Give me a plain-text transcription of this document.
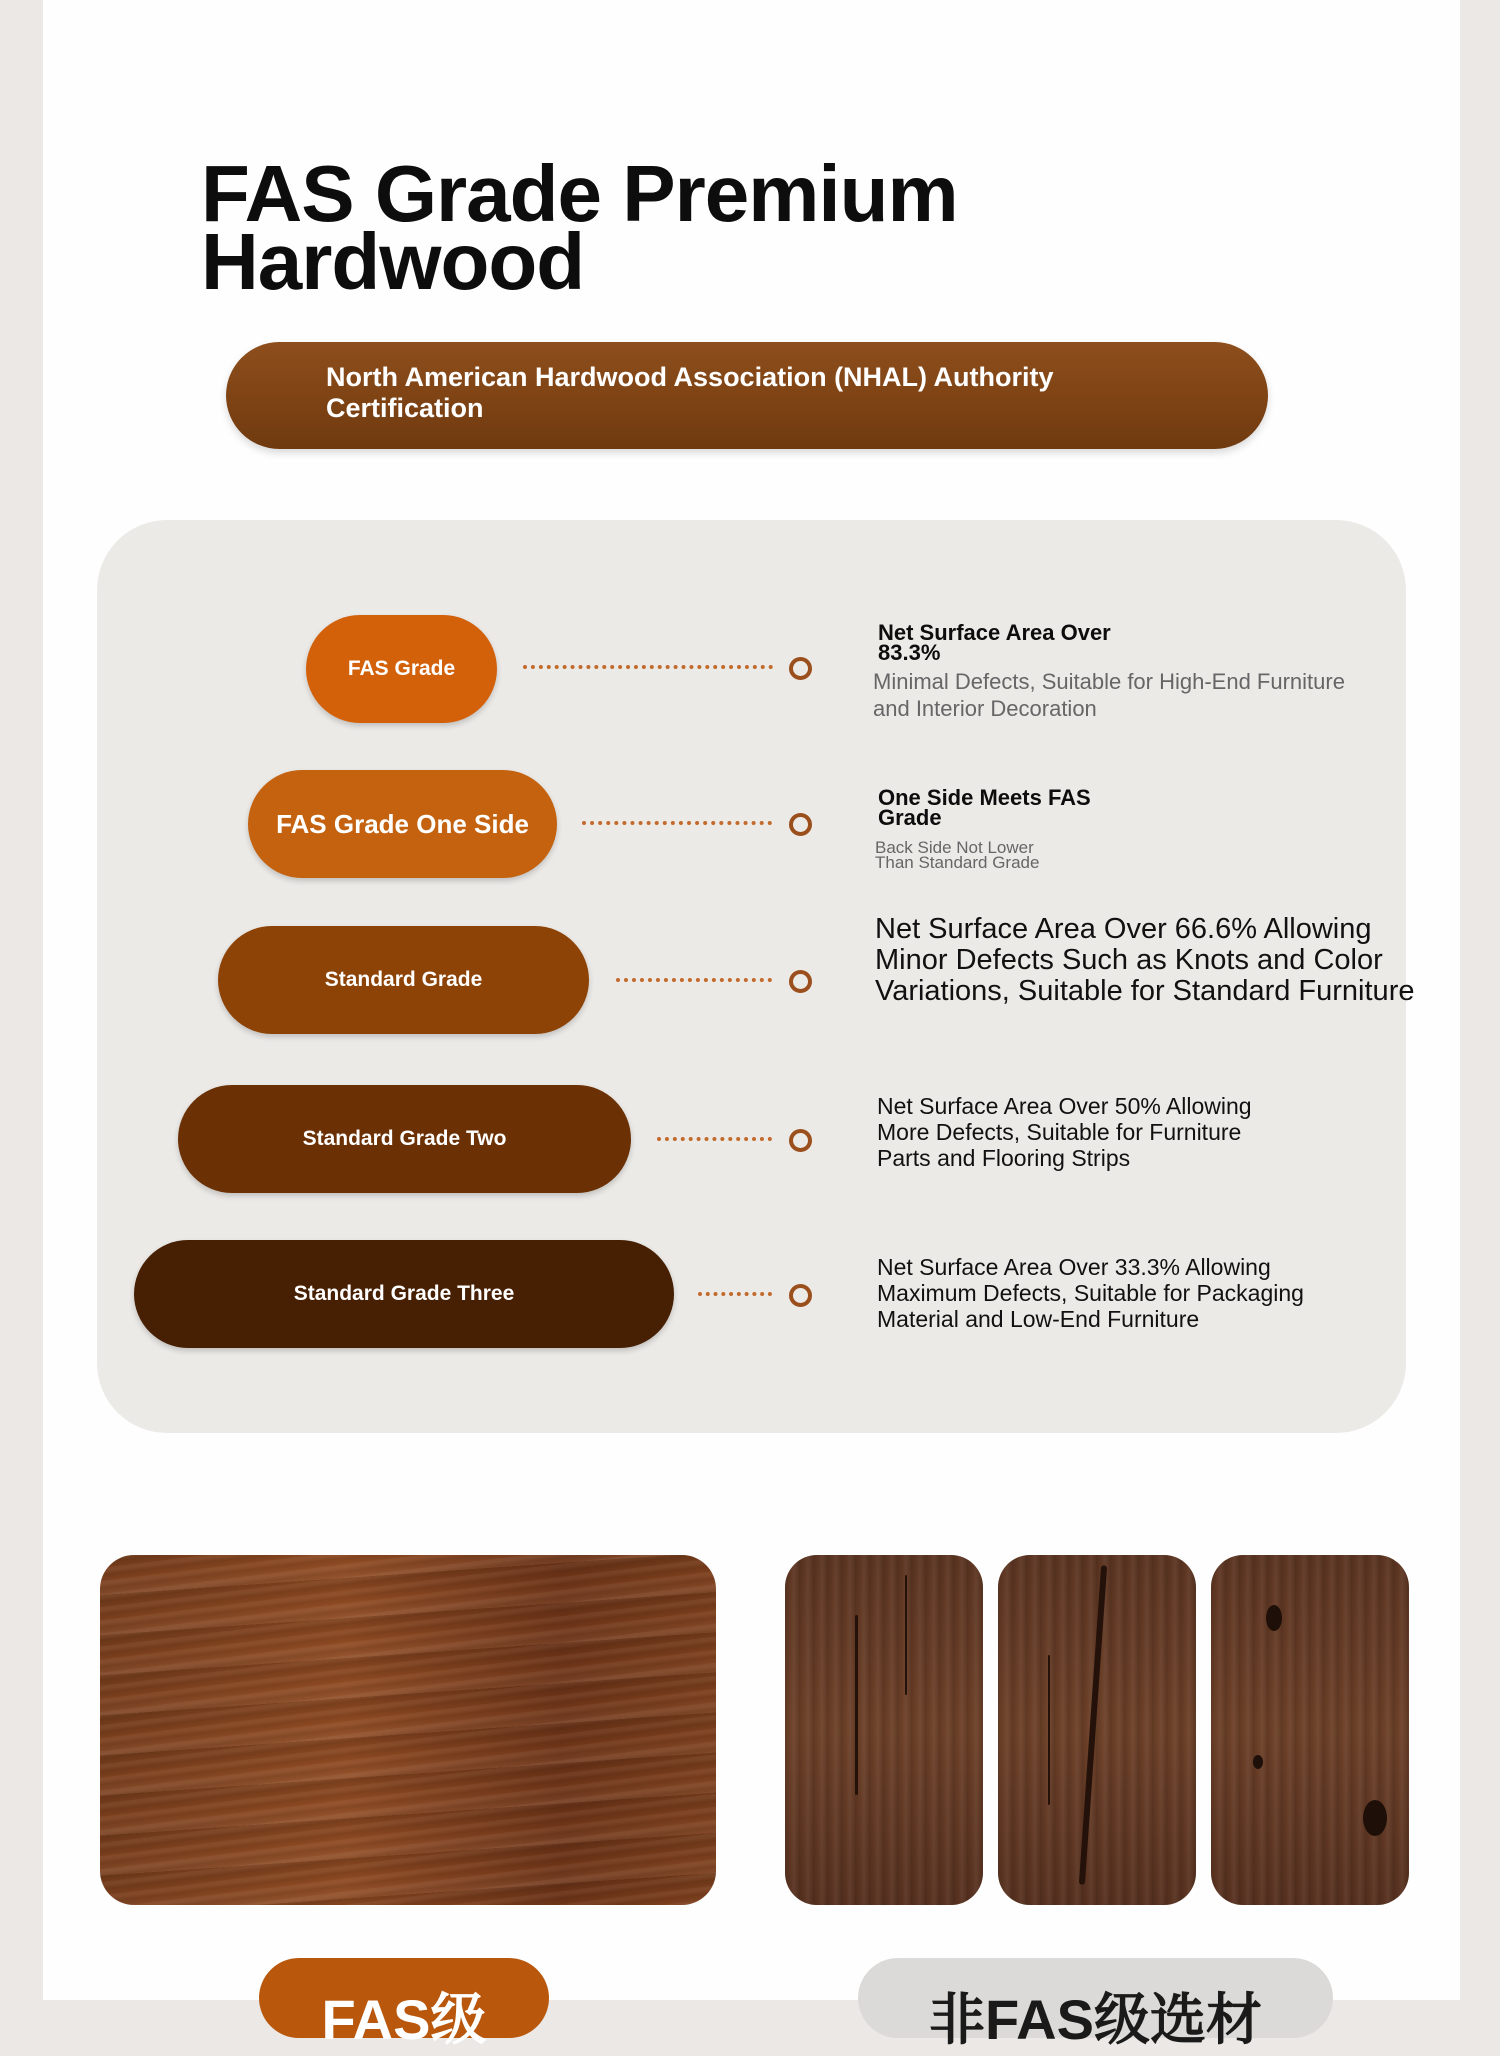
FAS Grade Premium Hardwood
North American Hardwood Association (NHAL) Authority Certification
FAS Grade
Net Surface Area Over 83.3%
Minimal Defects, Suitable for High-End Furniture and Interior Decoration
FAS Grade One Side
One Side Meets FAS Grade
Back Side Not Lower Than Standard Grade
Standard Grade
Net Surface Area Over 66.6% Allowing Minor Defects Such as Knots and Color Variations, Suitable for Standard Furniture
Standard Grade Two
Net Surface Area Over 50% Allowing More Defects, Suitable for Furniture Parts and Flooring Strips
Standard Grade Three
Net Surface Area Over 33.3% Allowing Maximum Defects, Suitable for Packaging Material and Low-End Furniture
FAS级	非FAS级选材
